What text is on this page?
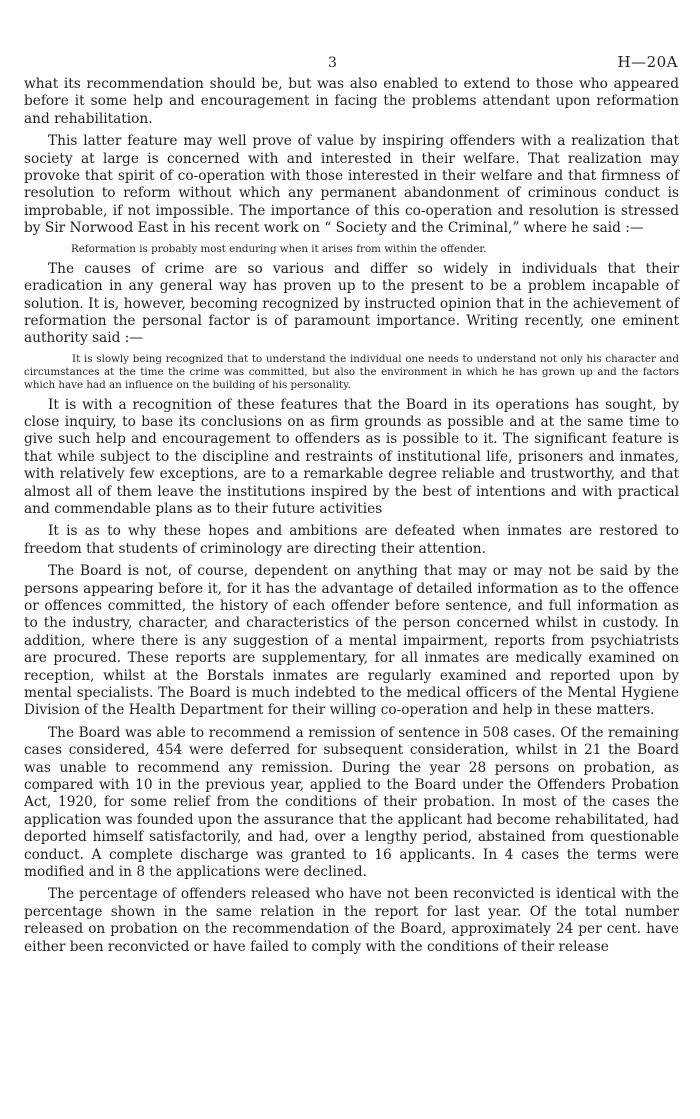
3	H—20A

what its recommendation should be, but was also enabled to extend to those who appeared before it some help and encouragement in facing the problems attendant upon reformation and rehabilitation.

This latter feature may well prove of value by inspiring offenders with a realization that society at large is concerned with and interested in their welfare. That realization may provoke that spirit of co-operation with those interested in their welfare and that firmness of resolution to reform without which any permanent abandonment of criminous conduct is improbable, if not impossible. The importance of this co-operation and resolution is stressed by Sir Norwood East in his recent work on “ Society and the Criminal,” where he said :—

Reformation is probably most enduring when it arises from within the offender.

The causes of crime are so various and differ so widely in individuals that their eradication in any general way has proven up to the present to be a problem incapable of solution. It is, however, becoming recognized by instructed opinion that in the achievement of reformation the personal factor is of paramount importance. Writing recently, one eminent authority said :—

It is slowly being recognized that to understand the individual one needs to understand not only his character and circumstances at the time the crime was committed, but also the environment in which he has grown up and the factors which have had an influence on the building of his personality.

It is with a recognition of these features that the Board in its operations has sought, by close inquiry, to base its conclusions on as firm grounds as possible and at the same time to give such help and encouragement to offenders as is possible to it. The significant feature is that while subject to the discipline and restraints of institutional life, prisoners and inmates, with relatively few exceptions, are to a remarkable degree reliable and trustworthy, and that almost all of them leave the institutions inspired by the best of intentions and with practical and commendable plans as to their future activities

It is as to why these hopes and ambitions are defeated when inmates are restored to freedom that students of criminology are directing their attention.

The Board is not, of course, dependent on anything that may or may not be said by the persons appearing before it, for it has the advantage of detailed information as to the offence or offences committed, the history of each offender before sentence, and full information as to the industry, character, and characteristics of the person concerned whilst in custody. In addition, where there is any suggestion of a mental impairment, reports from psychiatrists are procured. These reports are supplementary, for all inmates are medically examined on reception, whilst at the Borstals inmates are regularly examined and reported upon by mental specialists. The Board is much indebted to the medical officers of the Mental Hygiene Division of the Health Department for their willing co-operation and help in these matters.

The Board was able to recommend a remission of sentence in 508 cases. Of the remaining cases considered, 454 were deferred for subsequent consideration, whilst in 21 the Board was unable to recommend any remission. During the year 28 persons on probation, as compared with 10 in the previous year, applied to the Board under the Offenders Probation Act, 1920, for some relief from the conditions of their probation. In most of the cases the application was founded upon the assurance that the applicant had become rehabilitated, had deported himself satisfactorily, and had, over a lengthy period, abstained from questionable conduct. A complete discharge was granted to 16 applicants. In 4 cases the terms were modified and in 8 the applications were declined.

The percentage of offenders released who have not been reconvicted is identical with the percentage shown in the same relation in the report for last year. Of the total number released on probation on the recommendation of the Board, approximately 24 per cent. have either been reconvicted or have failed to comply with the conditions of their release
